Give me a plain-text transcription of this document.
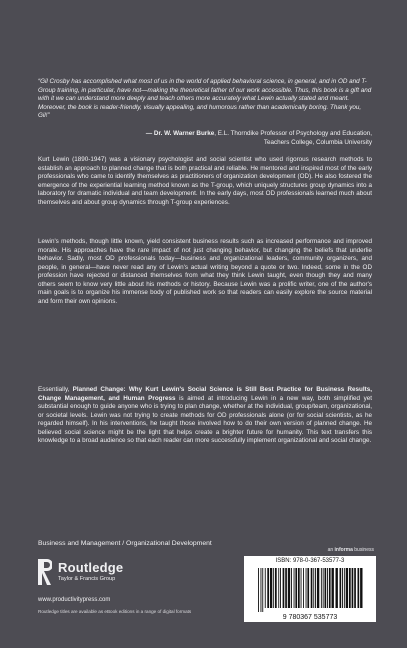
“Gil Crosby has accomplished what most of us in the world of applied behavioral science, in general, and in OD and T-Group training, in particular, have not—making the theoretical father of our work accessible. Thus, this book is a gift and with it we can understand more deeply and teach others more accurately what Lewin actually stated and meant. Moreover, the book is reader-friendly, visually appealing, and humorous rather than academically boring. Thank you, Gil!”
— Dr. W. Warner Burke, E.L. Thorndike Professor of Psychology and Education,
Teachers College, Columbia University
Kurt Lewin (1890-1947) was a visionary psychologist and social scientist who used rigorous research methods to establish an approach to planned change that is both practical and reliable. He mentored and inspired most of the early professionals who came to identify themselves as practitioners of organization development (OD). He also fostered the emergence of the experiential learning method known as the T-group, which uniquely structures group dynamics into a laboratory for dramatic individual and team development. In the early days, most OD professionals learned much about themselves and about group dynamics through T-group experiences.
Lewin's methods, though little known, yield consistent business results such as increased performance and improved morale. His approaches have the rare impact of not just changing behavior, but changing the beliefs that underlie behavior. Sadly, most OD professionals today—business and organizational leaders, community organizers, and people, in general—have never read any of Lewin's actual writing beyond a quote or two. Indeed, some in the OD profession have rejected or distanced themselves from what they think Lewin taught, even though they and many others seem to know very little about his methods or history. Because Lewin was a prolific writer, one of the author's main goals is to organize his immense body of published work so that readers can easily explore the source material and form their own opinions.
Essentially, Planned Change: Why Kurt Lewin's Social Science is Still Best Practice for Business Results, Change Management, and Human Progress is aimed at introducing Lewin in a new way, both simplified yet substantial enough to guide anyone who is trying to plan change, whether at the individual, group/team, organizational, or societal levels. Lewin was not trying to create methods for OD professionals alone (or for social scientists, as he regarded himself). In his interventions, he taught those involved how to do their own version of planned change. He believed social science might be the light that helps create a brighter future for humanity. This text transfers this knowledge to a broad audience so that each reader can more successfully implement organizational and social change.
Business and Management / Organizational Development
an informa business
Routledge
Taylor & Francis Group
www.productivitypress.com
Routledge titles are available as eBook editions in a range of digital formats
ISBN: 978-0-367-53577-3
9 780367 535773
